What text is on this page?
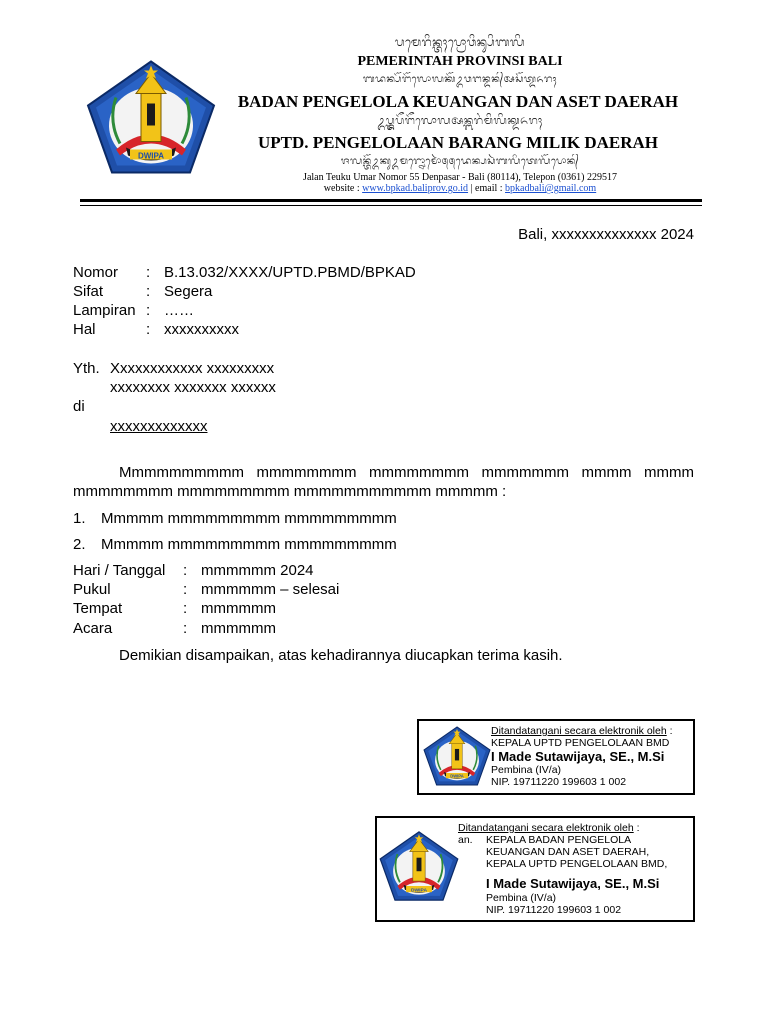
ᬧᬫᬾᬭᬶᬦ᭄ᬢᬄᬧ᭄ᬭᭀᬯᬶᬦ᭄ᬲᬶᬩᬮᬶ
PEMERINTAH PROVINSI BALI
ᬩᬤᬦ᭄ᬧᭂᬗᭂᬮᭀᬮᬓᭂᬉᬯᬗᬦ᭄ᬤᬦ᭄ᬅᬲᭂᬢ᭄ᬤᬏᬭᬄ
BADAN PENGELOLA KEUANGAN DAN ASET DAERAH
ᬉᬧ᭄ᬢ᭄ᬤᬧᭂᬗᭂᬮᭀᬮᬅᬦ᭄ᬩᬭᬂᬫᬶᬮᬶᬓ᭄ᬤᬏᬭᬄ
UPTD. PENGELOLAAN BARANG MILIK DAERAH
ᬚᬮᬦ᭄ᬢᭂᬉᬓᬸᬉᬫᬭ᭄ᬦᭀᬫᭀᬃ᭕᭕ᬤᬾᬦ᭄ᬧᬲᬃᬩᬮᬶᬢᬾᬮᭂᬧᭀᬦ᭄
Jalan Teuku Umar Nomor 55 Denpasar - Bali (80114), Telepon (0361) 229517
website : www.bpkad.baliprov.go.id | email : bpkadbali@gmail.com
Bali, xxxxxxxxxxxxxx 2024
Nomor : B.13.032/XXXX/UPTD.PBMD/BPKAD
Sifat	: Segera
Lampiran : ……
Hal	: xxxxxxxxxx
Yth. Xxxxxxxxxxxx xxxxxxxxx
xxxxxxxx xxxxxxx xxxxxx
di
xxxxxxxxxxxxx
Mmmmmmmmmm mmmmmmmm mmmmmmmm mmmmmmm mmmm mmmm mmmmmmmm mmmmmmmmm mmmmmmmmmmm mmmmm :
1. Mmmmm mmmmmmmmm mmmmmmmmm
2. Mmmmm mmmmmmmmm mmmmmmmmm
Hari / Tanggal : mmmmmm 2024
Pukul	: mmmmmm – selesai
Tempat	: mmmmmm
Acara	: mmmmmm
Demikian disampaikan, atas kehadirannya diucapkan terima kasih.
Ditandatangani secara elektronik oleh :
KEPALA UPTD PENGELOLAAN BMD
I Made Sutawijaya, SE., M.Si
Pembina (IV/a)
NIP. 19711220 199603 1 002
Ditandatangani secara elektronik oleh :
an. KEPALA BADAN PENGELOLA
KEUANGAN DAN ASET DAERAH,
KEPALA UPTD PENGELOLAAN BMD,
I Made Sutawijaya, SE., M.Si
Pembina (IV/a)
NIP. 19711220 199603 1 002
